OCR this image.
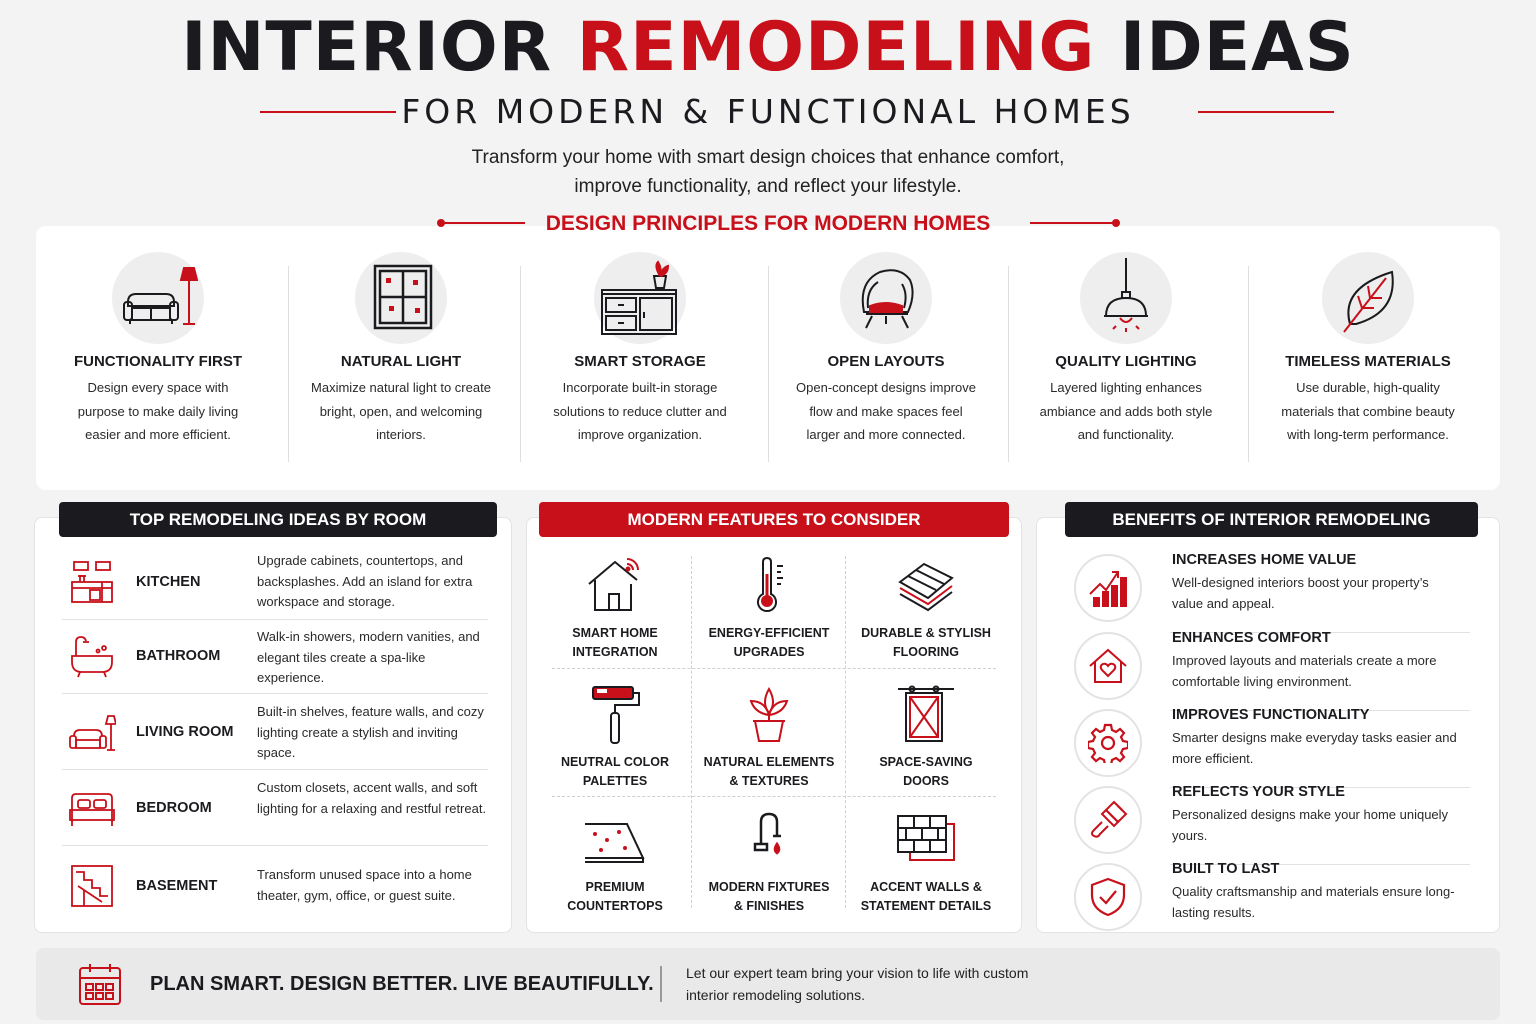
INTERIOR REMODELING IDEAS
FOR MODERN & FUNCTIONAL HOMES
Transform your home with smart design choices that enhance comfort,
improve functionality, and reflect your lifestyle.
FUNCTIONALITY FIRST

Design every space with purpose to make daily living easier and more efficient.

NATURAL LIGHT

Maximize natural light to create bright, open, and welcoming interiors.

SMART STORAGE

Incorporate built-in storage solutions to reduce clutter and improve organization.

OPEN LAYOUTS

Open-concept designs improve flow and make spaces feel larger and more connected.

QUALITY LIGHTING

Layered lighting enhances ambiance and adds both style and functionality.

TIMELESS MATERIALS

Use durable, high-quality materials that combine beauty with long-term performance.

DESIGN PRINCIPLES FOR MODERN HOMES
TOP REMODELING IDEAS BY ROOM
KITCHEN
Upgrade cabinets, countertops, and backsplashes. Add an island for extra workspace and storage.
BATHROOM
Walk-in showers, modern vanities, and elegant tiles create a spa-like experience.
LIVING ROOM
Built-in shelves, feature walls, and cozy lighting create a stylish and inviting space.
BEDROOM
Custom closets, accent walls, and soft lighting for a relaxing and restful retreat.
BASEMENT
Transform unused space into a home theater, gym, office, or guest suite.
MODERN FEATURES TO CONSIDER
SMART HOME
INTEGRATION
ENERGY-EFFICIENT
UPGRADES
DURABLE & STYLISH
FLOORING
NEUTRAL COLOR
PALETTES
NATURAL ELEMENTS
& TEXTURES
SPACE-SAVING
DOORS
PREMIUM
COUNTERTOPS
MODERN FIXTURES
& FINISHES
ACCENT WALLS &
STATEMENT DETAILS
BENEFITS OF INTERIOR REMODELING
INCREASES HOME VALUE
Well-designed interiors boost your property’s value and appeal.
ENHANCES COMFORT
Improved layouts and materials create a more comfortable living environment.
IMPROVES FUNCTIONALITY
Smarter designs make everyday tasks easier and more efficient.
REFLECTS YOUR STYLE
Personalized designs make your home uniquely yours.
BUILT TO LAST
Quality craftsmanship and materials ensure long-lasting results.
PLAN SMART. DESIGN BETTER. LIVE BEAUTIFULLY. Let our expert team bring your vision to life with custom interior remodeling solutions.
